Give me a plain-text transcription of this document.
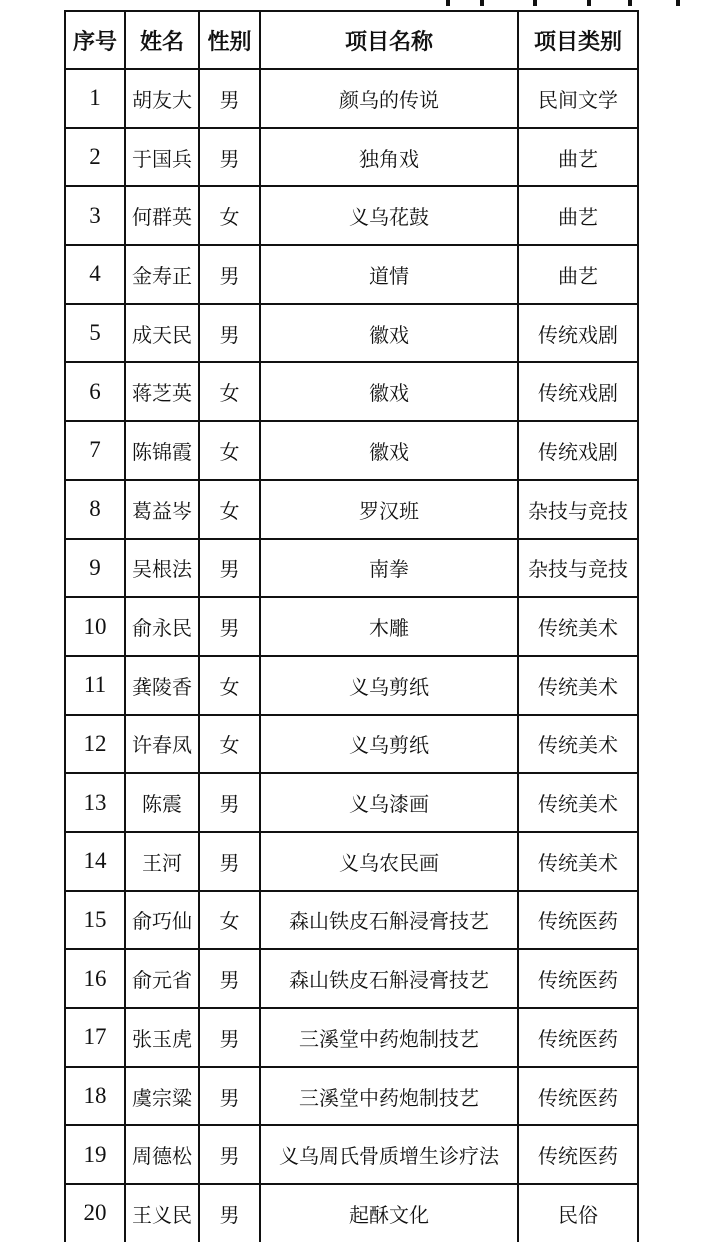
序号	姓名	性别	项目名称	项目类别
1	胡友大	男	颜乌的传说	民间文学
2	于国兵	男	独角戏	曲艺
3	何群英	女	义乌花鼓	曲艺
4	金寿正	男	道情	曲艺
5	成天民	男	徽戏	传统戏剧
6	蒋芝英	女	徽戏	传统戏剧
7	陈锦霞	女	徽戏	传统戏剧
8	葛益岑	女	罗汉班	杂技与竞技
9	吴根法	男	南拳	杂技与竞技
10	俞永民	男	木雕	传统美术
11	龚陵香	女	义乌剪纸	传统美术
12	许春凤	女	义乌剪纸	传统美术
13	陈震	男	义乌漆画	传统美术
14	王河	男	义乌农民画	传统美术
15	俞巧仙	女	森山铁皮石斛浸膏技艺	传统医药
16	俞元省	男	森山铁皮石斛浸膏技艺	传统医药
17	张玉虎	男	三溪堂中药炮制技艺	传统医药
18	虞宗粱	男	三溪堂中药炮制技艺	传统医药
19	周德松	男	义乌周氏骨质增生诊疗法	传统医药
20	王义民	男	起酥文化	民俗
